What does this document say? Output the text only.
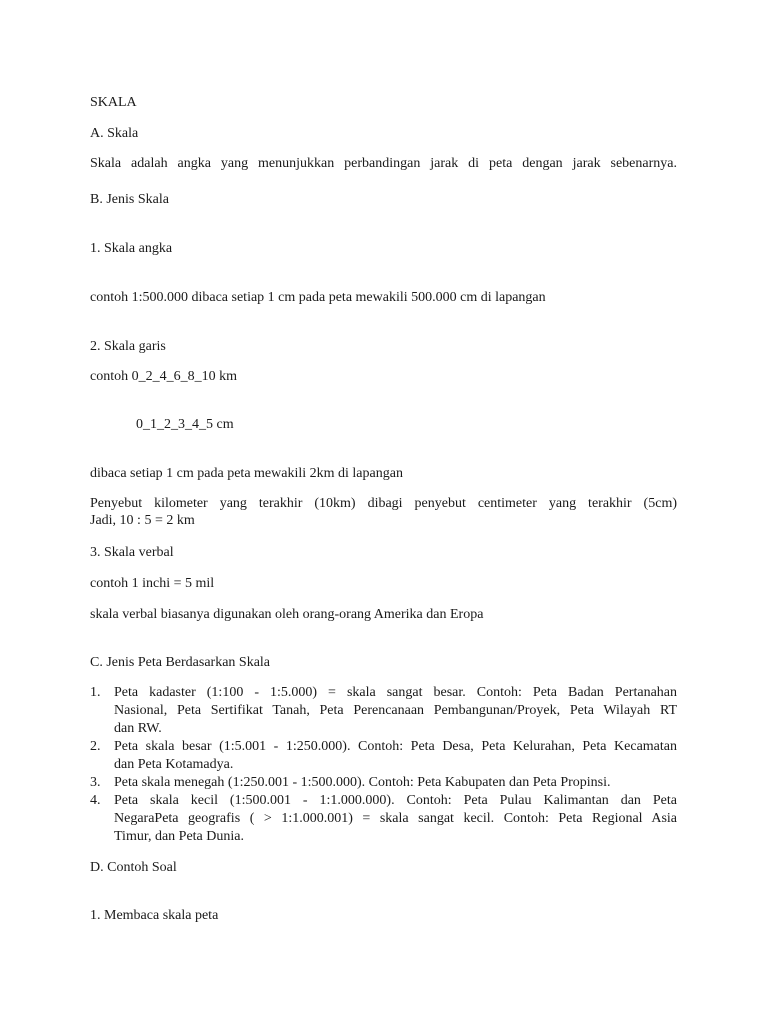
SKALA

A. Skala

Skala adalah angka yang menunjukkan perbandingan jarak di peta dengan jarak sebenarnya.

B. Jenis Skala

1. Skala angka

contoh 1:500.000 dibaca setiap 1 cm pada peta mewakili 500.000 cm di lapangan

2. Skala garis

contoh 0_2_4_6_8_10 km

0_1_2_3_4_5 cm

dibaca setiap 1 cm pada peta mewakili 2km di lapangan

Penyebut kilometer yang terakhir (10km) dibagi penyebut centimeter yang terakhir (5cm)
Jadi, 10 : 5 = 2 km

3. Skala verbal

contoh 1 inchi = 5 mil

skala verbal biasanya digunakan oleh orang-orang Amerika dan Eropa

C. Jenis Peta Berdasarkan Skala

1. Peta kadaster (1:100 - 1:5.000) = skala sangat besar. Contoh: Peta Badan Pertanahan
Nasional, Peta Sertifikat Tanah, Peta Perencanaan Pembangunan/Proyek, Peta Wilayah RT
dan RW.
2. Peta skala besar (1:5.001 - 1:250.000). Contoh: Peta Desa, Peta Kelurahan, Peta Kecamatan
dan Peta Kotamadya.
3. Peta skala menegah (1:250.001 - 1:500.000). Contoh: Peta Kabupaten dan Peta Propinsi.
4. Peta skala kecil (1:500.001 - 1:1.000.000). Contoh: Peta Pulau Kalimantan dan Peta
NegaraPeta geografis ( > 1:1.000.001) = skala sangat kecil. Contoh: Peta Regional Asia
Timur, dan Peta Dunia.

D. Contoh Soal

1. Membaca skala peta
